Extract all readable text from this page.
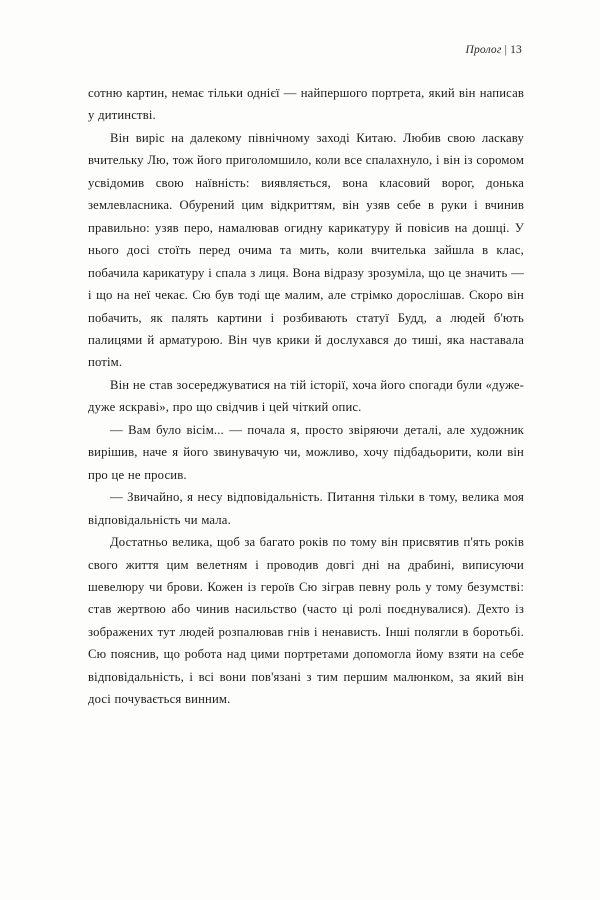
Пролог | 13

сотню картин, немає тільки однієї — найпершого портрета, який він написав у дитинстві.

Він виріс на далекому північному заході Китаю. Любив свою ласкаву вчительку Лю, тож його приголомшило, коли все спалахнуло, і він із соромом усвідомив свою наївність: виявляється, вона класовий ворог, донька землевласника. Обурений цим відкриттям, він узяв себе в руки і вчинив правильно: узяв перо, намалював огидну карикатуру й повісив на дошці. У нього досі стоїть перед очима та мить, коли вчителька зайшла в клас, побачила карикатуру і спала з лиця. Вона відразу зрозуміла, що це значить — і що на неї чекає. Сю був тоді ще малим, але стрімко дорослішав. Скоро він побачить, як палять картини і розбивають статуї Будд, а людей б'ють палицями й арматурою. Він чув крики й дослухався до тиші, яка наставала потім.

Він не став зосереджуватися на тій історії, хоча його спогади були «дуже-дуже яскраві», про що свідчив і цей чіткий опис.

— Вам було вісім... — почала я, просто звіряючи деталі, але художник вирішив, наче я його звинувачую чи, можливо, хочу підбадьорити, коли він про це не просив.

— Звичайно, я несу відповідальність. Питання тільки в тому, велика моя відповідальність чи мала.

Достатньо велика, щоб за багато років по тому він присвятив п'ять років свого життя цим велетням і проводив довгі дні на драбині, виписуючи шевелюру чи брови. Кожен із героїв Сю зіграв певну роль у тому безумстві: став жертвою або чинив насильство (часто ці ролі поєднувалися). Дехто із зображених тут людей розпалював гнів і ненависть. Інші полягли в боротьбі. Сю пояснив, що робота над цими портретами допомогла йому взяти на себе відповідальність, і всі вони пов'язані з тим першим малюнком, за який він досі почувається винним.
